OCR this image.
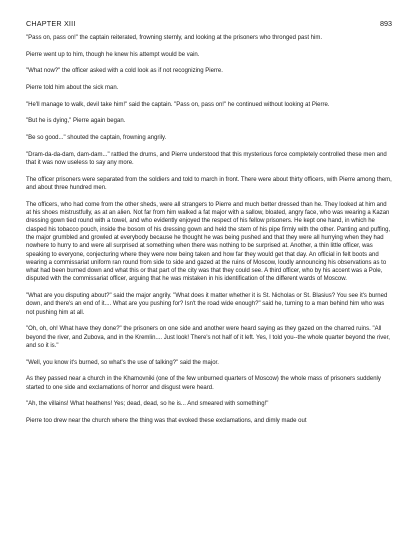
CHAPTER XIII	893

"Pass on, pass on!" the captain reiterated, frowning sternly, and looking at the prisoners who thronged past him.

Pierre went up to him, though he knew his attempt would be vain.

"What now?" the officer asked with a cold look as if not recognizing Pierre.

Pierre told him about the sick man.

"He'll manage to walk, devil take him!" said the captain. "Pass on, pass on!" he continued without looking at Pierre.

"But he is dying," Pierre again began.

"Be so good..." shouted the captain, frowning angrily.

"Dram-da-da-dam, dam-dam..." rattled the drums, and Pierre understood that this mysterious force completely controlled these men and that it was now useless to say any more.

The officer prisoners were separated from the soldiers and told to march in front. There were about thirty officers, with Pierre among them, and about three hundred men.

The officers, who had come from the other sheds, were all strangers to Pierre and much better dressed than he. They looked at him and at his shoes mistrustfully, as at an alien. Not far from him walked a fat major with a sallow, bloated, angry face, who was wearing a Kazan dressing gown tied round with a towel, and who evidently enjoyed the respect of his fellow prisoners. He kept one hand, in which he clasped his tobacco pouch, inside the bosom of his dressing gown and held the stem of his pipe firmly with the other. Panting and puffing, the major grumbled and growled at everybody because he thought he was being pushed and that they were all hurrying when they had nowhere to hurry to and were all surprised at something when there was nothing to be surprised at. Another, a thin little officer, was speaking to everyone, conjecturing where they were now being taken and how far they would get that day. An official in felt boots and wearing a commissariat uniform ran round from side to side and gazed at the ruins of Moscow, loudly announcing his observations as to what had been burned down and what this or that part of the city was that they could see. A third officer, who by his accent was a Pole, disputed with the commissariat officer, arguing that he was mistaken in his identification of the different wards of Moscow.

"What are you disputing about?" said the major angrily. "What does it matter whether it is St. Nicholas or St. Blasius? You see it's burned down, and there's an end of it.... What are you pushing for? Isn't the road wide enough?" said he, turning to a man behind him who was not pushing him at all.

"Oh, oh, oh! What have they done?" the prisoners on one side and another were heard saying as they gazed on the charred ruins. "All beyond the river, and Zubova, and in the Kremlin.... Just look! There's not half of it left. Yes, I told you--the whole quarter beyond the river, and so it is."

"Well, you know it's burned, so what's the use of talking?" said the major.

As they passed near a church in the Khamovniki (one of the few unburned quarters of Moscow) the whole mass of prisoners suddenly started to one side and exclamations of horror and disgust were heard.

"Ah, the villains! What heathens! Yes; dead, dead, so he is... And smeared with something!"

Pierre too drew near the church where the thing was that evoked these exclamations, and dimly made out
